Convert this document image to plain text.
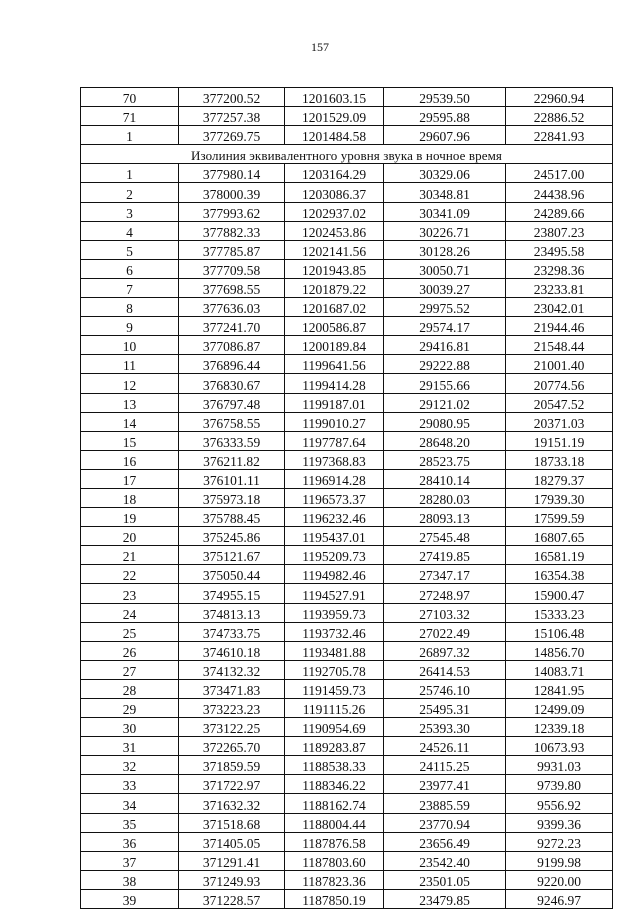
157
70	377200.52	1201603.15	29539.50	22960.94
71	377257.38	1201529.09	29595.88	22886.52
1	377269.75	1201484.58	29607.96	22841.93
Изолиния эквивалентного уровня звука в ночное время				
1	377980.14	1203164.29	30329.06	24517.00
2	378000.39	1203086.37	30348.81	24438.96
3	377993.62	1202937.02	30341.09	24289.66
4	377882.33	1202453.86	30226.71	23807.23
5	377785.87	1202141.56	30128.26	23495.58
6	377709.58	1201943.85	30050.71	23298.36
7	377698.55	1201879.22	30039.27	23233.81
8	377636.03	1201687.02	29975.52	23042.01
9	377241.70	1200586.87	29574.17	21944.46
10	377086.87	1200189.84	29416.81	21548.44
11	376896.44	1199641.56	29222.88	21001.40
12	376830.67	1199414.28	29155.66	20774.56
13	376797.48	1199187.01	29121.02	20547.52
14	376758.55	1199010.27	29080.95	20371.03
15	376333.59	1197787.64	28648.20	19151.19
16	376211.82	1197368.83	28523.75	18733.18
17	376101.11	1196914.28	28410.14	18279.37
18	375973.18	1196573.37	28280.03	17939.30
19	375788.45	1196232.46	28093.13	17599.59
20	375245.86	1195437.01	27545.48	16807.65
21	375121.67	1195209.73	27419.85	16581.19
22	375050.44	1194982.46	27347.17	16354.38
23	374955.15	1194527.91	27248.97	15900.47
24	374813.13	1193959.73	27103.32	15333.23
25	374733.75	1193732.46	27022.49	15106.48
26	374610.18	1193481.88	26897.32	14856.70
27	374132.32	1192705.78	26414.53	14083.71
28	373471.83	1191459.73	25746.10	12841.95
29	373223.23	1191115.26	25495.31	12499.09
30	373122.25	1190954.69	25393.30	12339.18
31	372265.70	1189283.87	24526.11	10673.93
32	371859.59	1188538.33	24115.25	9931.03
33	371722.97	1188346.22	23977.41	9739.80
34	371632.32	1188162.74	23885.59	9556.92
35	371518.68	1188004.44	23770.94	9399.36
36	371405.05	1187876.58	23656.49	9272.23
37	371291.41	1187803.60	23542.40	9199.98
38	371249.93	1187823.36	23501.05	9220.00
39	371228.57	1187850.19	23479.85	9246.97
